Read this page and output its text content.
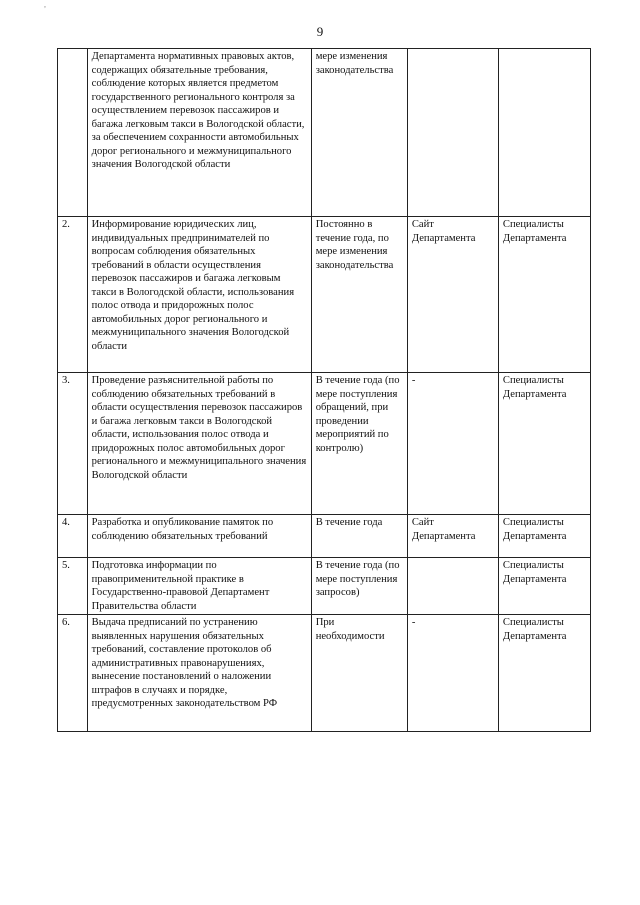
,
9
	Департамента нормативных правовых актов, содержащих обязательные требования, соблюдение которых является предметом государственного регионального контроля за осуществлением перевозок пассажиров и багажа легковым такси в Вологодской области, за обеспечением сохранности автомобильных дорог регионального и межмуниципального значения Вологодской области	мере изменения законодательства		
2.	Информирование юридических лиц, индивидуальных предпринимателей по вопросам соблюдения обязательных требований в области осуществления перевозок пассажиров и багажа легковым такси в Вологодской области, использования полос отвода и придорожных полос автомобильных дорог регионального и межмуниципального значения Вологодской области	Постоянно в течение года, по мере изменения законодательства	Сайт Департамента	Специалисты Департамента
3.	Проведение разъяснительной работы по соблюдению обязательных требований в области осуществления перевозок пассажиров и багажа легковым такси в Вологодской области, использования полос отвода и придорожных полос автомобильных дорог регионального и межмуниципального значения Вологодской области	В течение года (по мере поступления обращений, при проведении мероприятий по контролю)	-	Специалисты Департамента
4.	Разработка и опубликование памяток по соблюдению обязательных требований	В течение года	Сайт Департамента	Специалисты Департамента
5.	Подготовка информации по правоприменительной практике в Государственно-правовой Департамент Правительства области	В течение года (по мере поступления запросов)		Специалисты Департамента
6.	Выдача предписаний по устранению выявленных нарушения обязательных требований, составление протоколов об административных правонарушениях, вынесение постановлений о наложении штрафов в случаях и порядке, предусмотренных законодательством РФ	При необходимости	-	Специалисты Департамента
